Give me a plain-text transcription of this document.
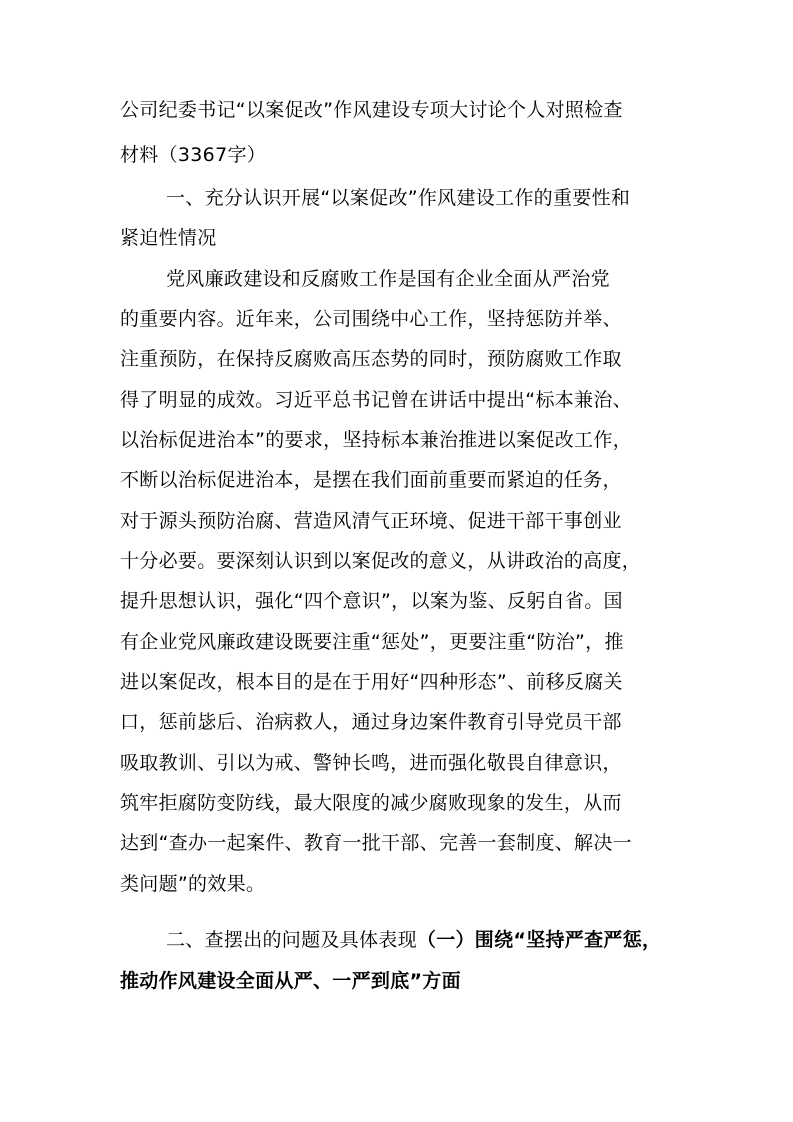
公司纪委书记“以案促改”作风建设专项大讨论个人对照检查
材料（3367字）
一、充分认识开展“以案促改”作风建设工作的重要性和
紧迫性情况
党风廉政建设和反腐败工作是国有企业全面从严治党
的重要内容。近年来，公司围绕中心工作，坚持惩防并举、
注重预防，在保持反腐败高压态势的同时，预防腐败工作取
得了明显的成效。习近平总书记曾在讲话中提出“标本兼治、
以治标促进治本”的要求，坚持标本兼治推进以案促改工作，
不断以治标促进治本，是摆在我们面前重要而紧迫的任务，
对于源头预防治腐、营造风清气正环境、促进干部干事创业
十分必要。要深刻认识到以案促改的意义，从讲政治的高度，
提升思想认识，强化“四个意识”，以案为鉴、反躬自省。国
有企业党风廉政建设既要注重“惩处”，更要注重“防治”，推
进以案促改，根本目的是在于用好“四种形态”、前移反腐关
口，惩前毖后、治病救人，通过身边案件教育引导党员干部
吸取教训、引以为戒、警钟长鸣，进而强化敬畏自律意识，
筑牢拒腐防变防线，最大限度的减少腐败现象的发生，从而
达到“查办一起案件、教育一批干部、完善一套制度、解决一
类问题”的效果。
二、查摆出的问题及具体表现（一）围绕“坚持严查严惩，
推动作风建设全面从严、一严到底”方面
